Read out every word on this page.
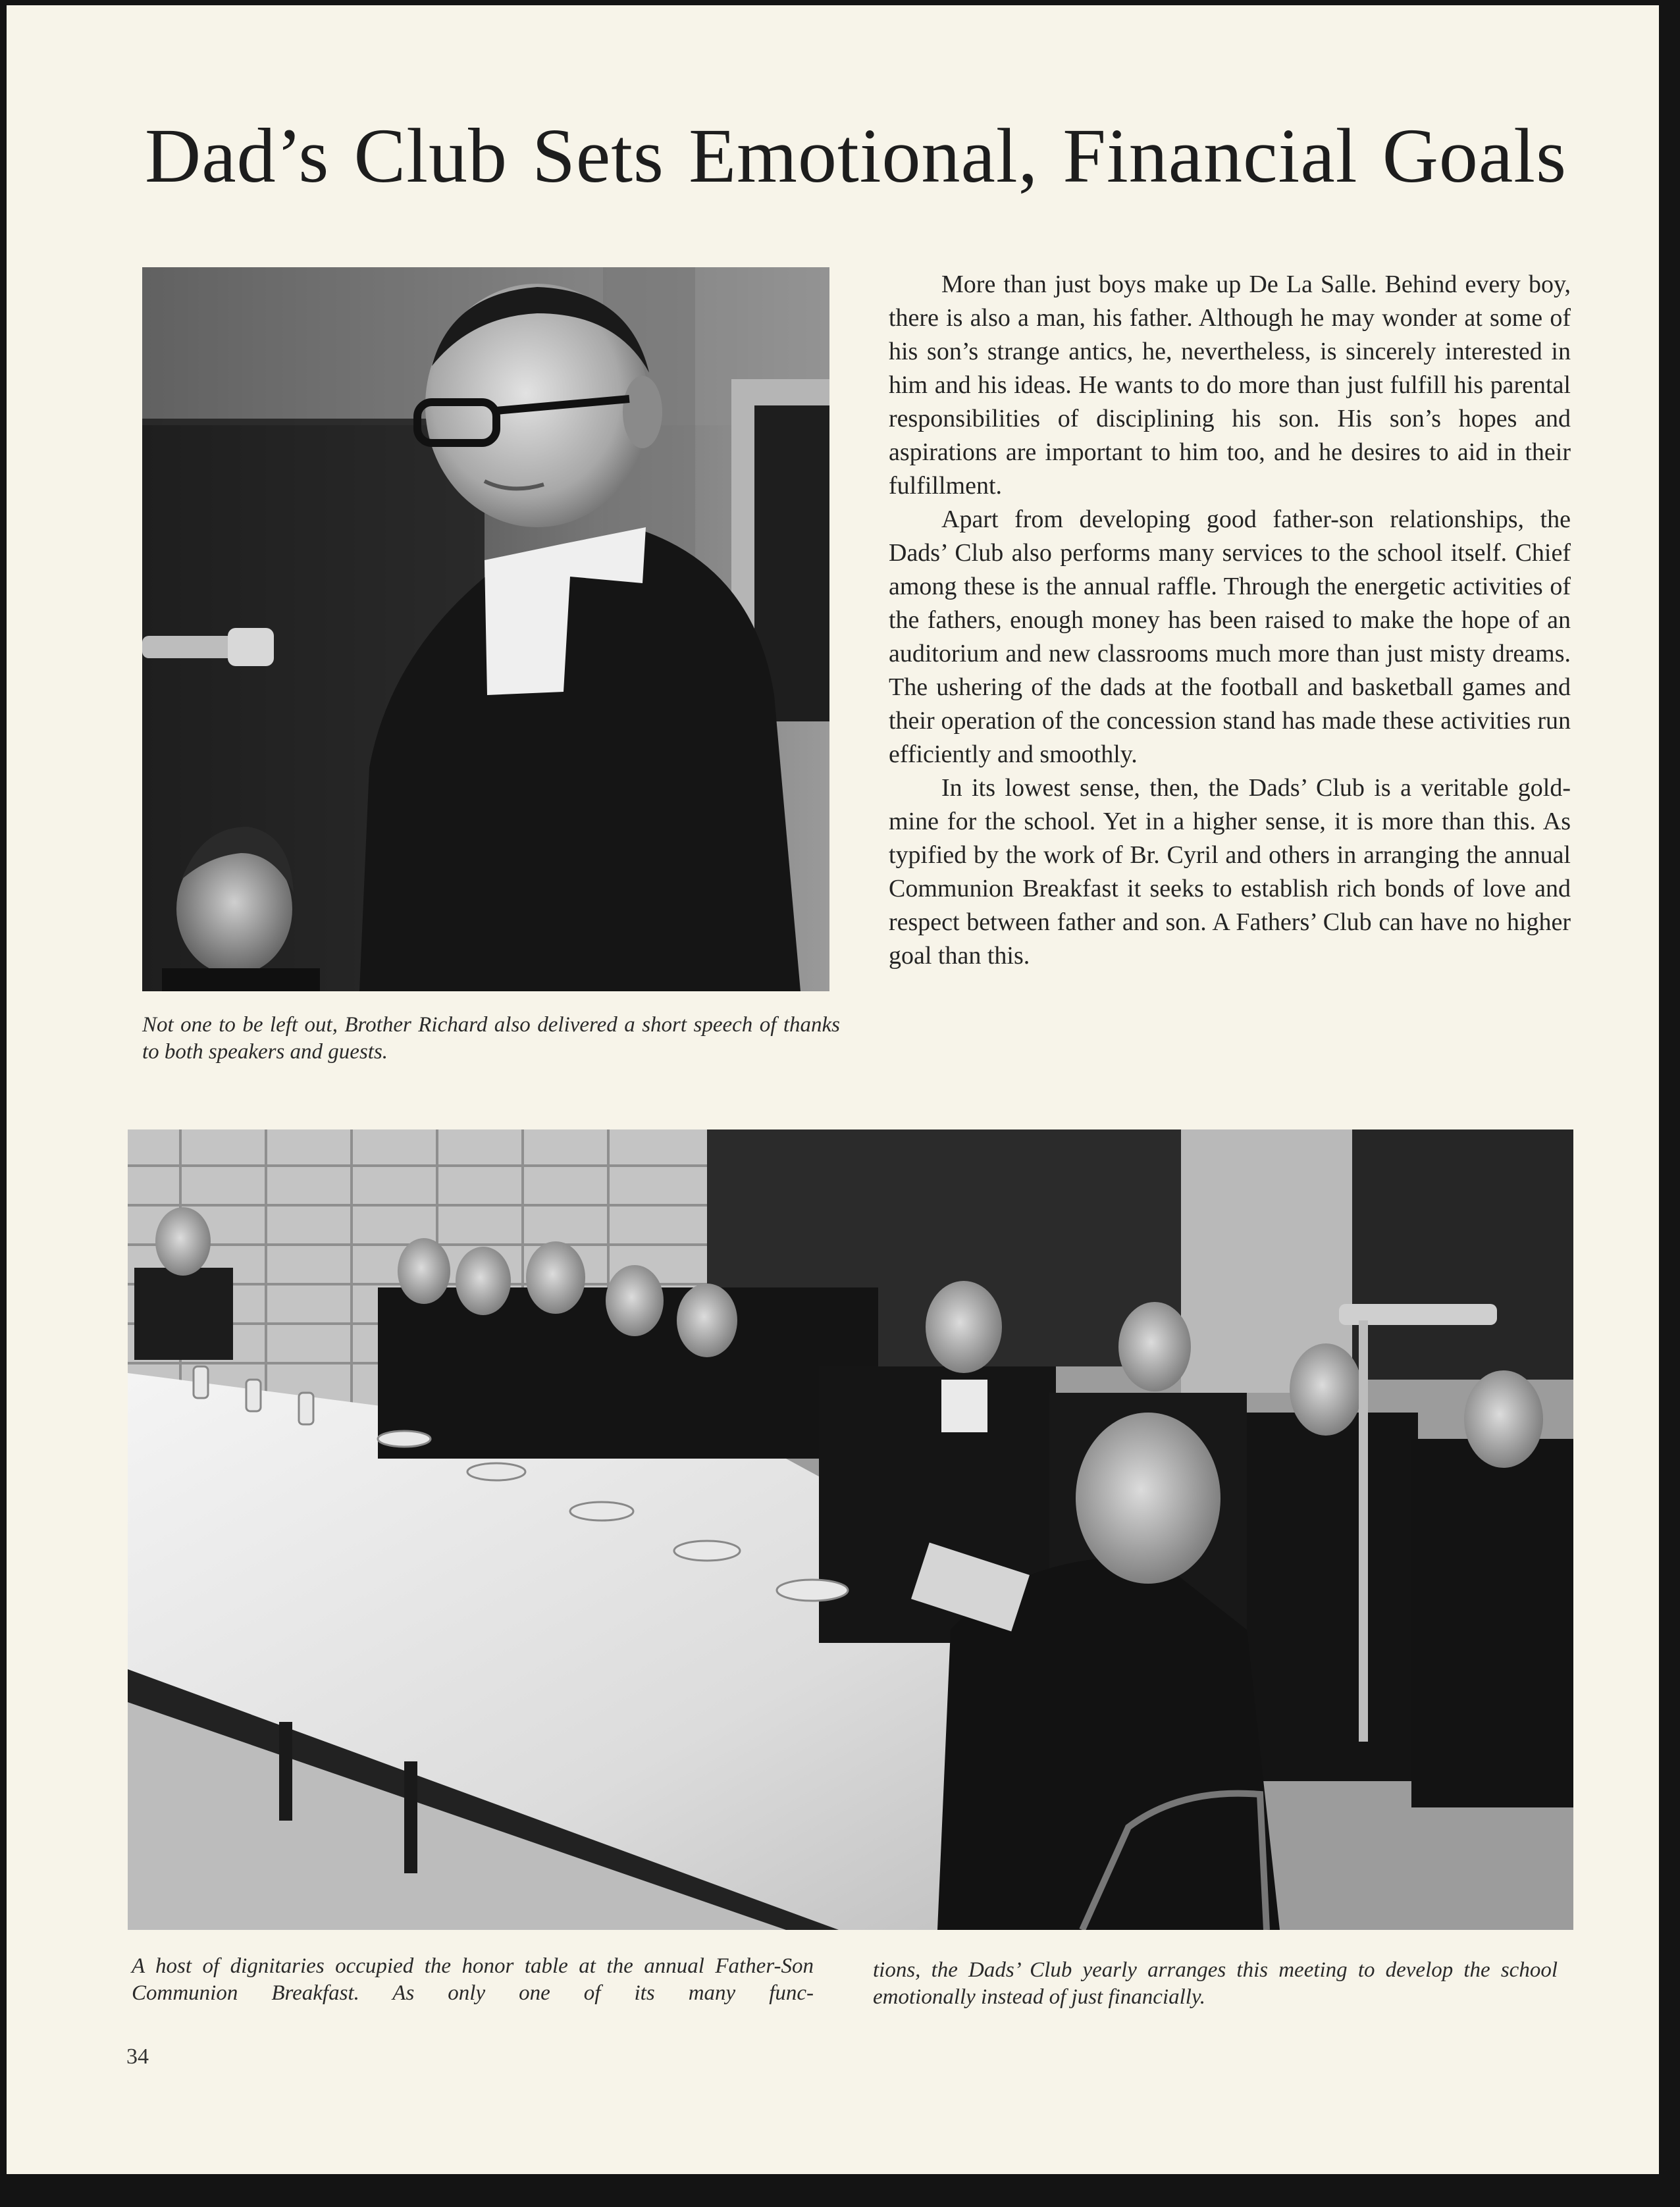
Dad’s Club Sets Emotional, Financial Goals

Not one to be left out, Brother Richard also delivered a short speech of thanks to both speakers and guests.

More than just boys make up De La Salle. Behind every boy, there is also a man, his father. Although he may wonder at some of his son’s strange antics, he, nevertheless, is sincerely interested in him and his ideas. He wants to do more than just fulfill his parental responsibilities of disciplining his son. His son’s hopes and aspirations are important to him too, and he desires to aid in their fulfillment.

Apart from developing good father-son relationships, the Dads’ Club also performs many services to the school itself. Chief among these is the annual raffle. Through the energetic activities of the fathers, enough money has been raised to make the hope of an auditorium and new classrooms much more than just misty dreams. The ushering of the dads at the football and basketball games and their operation of the concession stand has made these activities run efficiently and smoothly.

In its lowest sense, then, the Dads’ Club is a veritable gold-mine for the school. Yet in a higher sense, it is more than this. As typified by the work of Br. Cyril and others in arranging the annual Communion Breakfast it seeks to establish rich bonds of love and respect between father and son. A Fathers’ Club can have no higher goal than this.

A host of dignitaries occupied the honor table at the annual Father-Son Communion Breakfast. As only one of its many func-

tions, the Dads’ Club yearly arranges this meeting to develop the school emotionally instead of just financially.

34
